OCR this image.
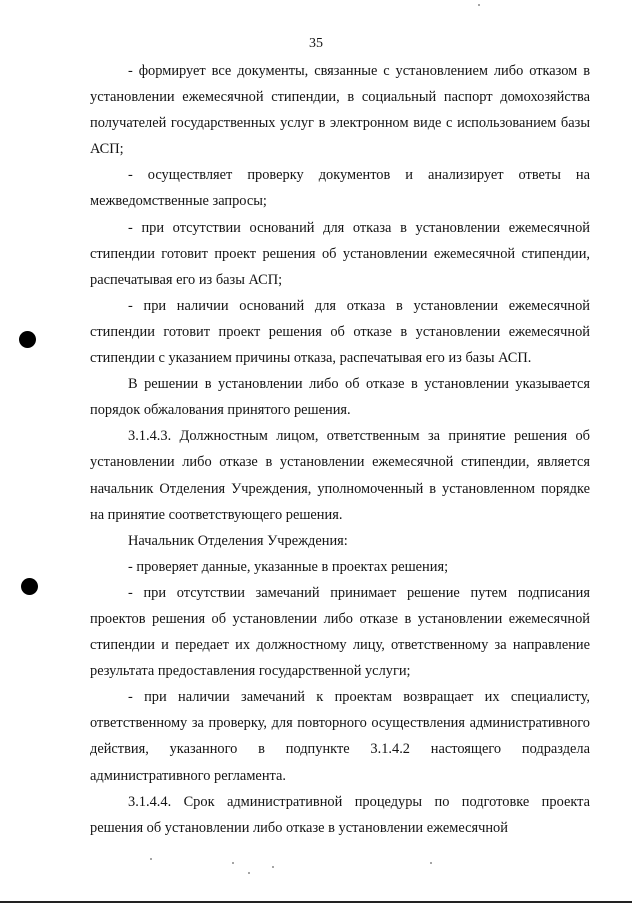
35

- формирует все документы, связанные с установлением либо отказом в установлении ежемесячной стипендии, в социальный паспорт домохозяйства получателей государственных услуг в электронном виде с использованием базы АСП;

- осуществляет проверку документов и анализирует ответы на межведомственные запросы;

- при отсутствии оснований для отказа в установлении ежемесячной стипендии готовит проект решения об установлении ежемесячной стипендии, распечатывая его из базы АСП;

- при наличии оснований для отказа в установлении ежемесячной стипендии готовит проект решения об отказе в установлении ежемесячной стипендии с указанием причины отказа, распечатывая его из базы АСП.

В решении в установлении либо об отказе в установлении указывается порядок обжалования принятого решения.

3.1.4.3. Должностным лицом, ответственным за принятие решения об установлении либо отказе в установлении ежемесячной стипендии, является начальник Отделения Учреждения, уполномоченный в установленном порядке на принятие соответствующего решения.

Начальник Отделения Учреждения:

- проверяет данные, указанные в проектах решения;

- при отсутствии замечаний принимает решение путем подписания проектов решения об установлении либо отказе в установлении ежемесячной стипендии и передает их должностному лицу, ответственному за направление результата предоставления государственной услуги;

- при наличии замечаний к проектам возвращает их специалисту, ответственному за проверку, для повторного осуществления административного действия, указанного в подпункте 3.1.4.2 настоящего подраздела административного регламента.

3.1.4.4. Срок административной процедуры по подготовке проекта решения об установлении либо отказе в установлении ежемесячной
